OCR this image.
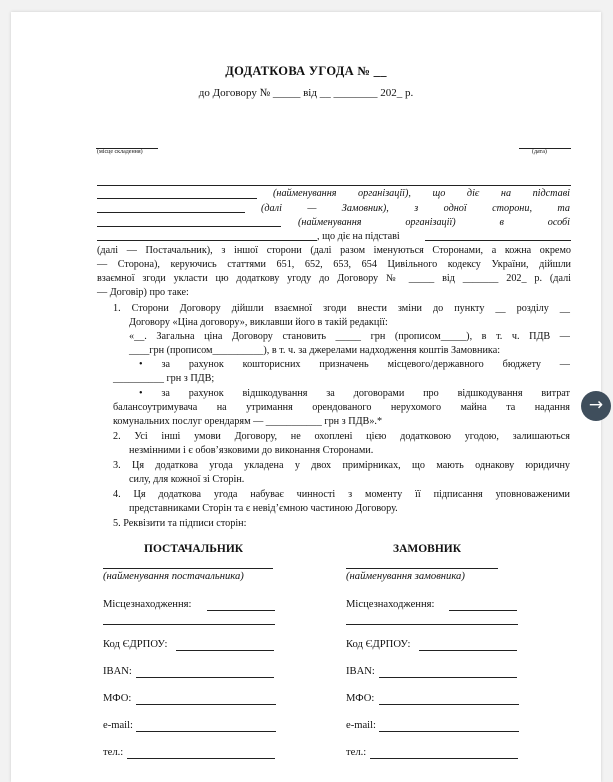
ДОДАТКОВА УГОДА № __
до Договору № _____ від __ ________ 202_ р.
(місце складення)	(дата)
(найменування організації), що діє на підставі
(далі — Замовник), з одної сторони, та
(найменування організації) в особі
, що діє на підставі
(далі — Постачальник), з іншої сторони (далі разом іменуються Сторонами, а кожна окремо
— Сторона), керуючись статтями 651, 652, 653, 654 Цивільного кодексу України, дійшли
взаємної згоди укласти цю додаткову угоду до Договору № _____ від _______ 202_ р. (далі
— Договір) про таке:
1. Сторони Договору дійшли взаємної згоди внести зміни до пункту __ розділу __
Договору «Ціна договору», виклавши його в такій редакції:
«__. Загальна ціна Договору становить _____ грн (прописом_____), в т. ч. ПДВ —
____грн (прописом__________), в т. ч. за джерелами надходження коштів Замовника:
• за рахунок кошторисних призначень місцевого/державного бюджету —
__________ грн з ПДВ;
• за рахунок відшкодування за договорами про відшкодування витрат
балансоутримувача на утримання орендованого нерухомого майна та надання
комунальних послуг орендарям — ___________ грн з ПДВ».*
2. Усі інші умови Договору, не охоплені цією додатковою угодою, залишаються
незмінними і є обов’язковими до виконання Сторонами.
3. Ця додаткова угода укладена у двох примірниках, що мають однакову юридичну
силу, для кожної зі Сторін.
4. Ця додаткова угода набуває чинності з моменту її підписання уповноваженими
представниками Сторін та є невід’ємною частиною Договору.
5. Реквізити та підписи сторін:
ПОСТАЧАЛЬНИК
(найменування постачальника)
Місцезнаходження:
Код ЄДРПОУ:
IBAN:
МФО:
e-mail:
тел.:
ЗАМОВНИК
(найменування замовника)
Місцезнаходження:
Код ЄДРПОУ:
IBAN:
МФО:
e-mail:
тел.:
→
